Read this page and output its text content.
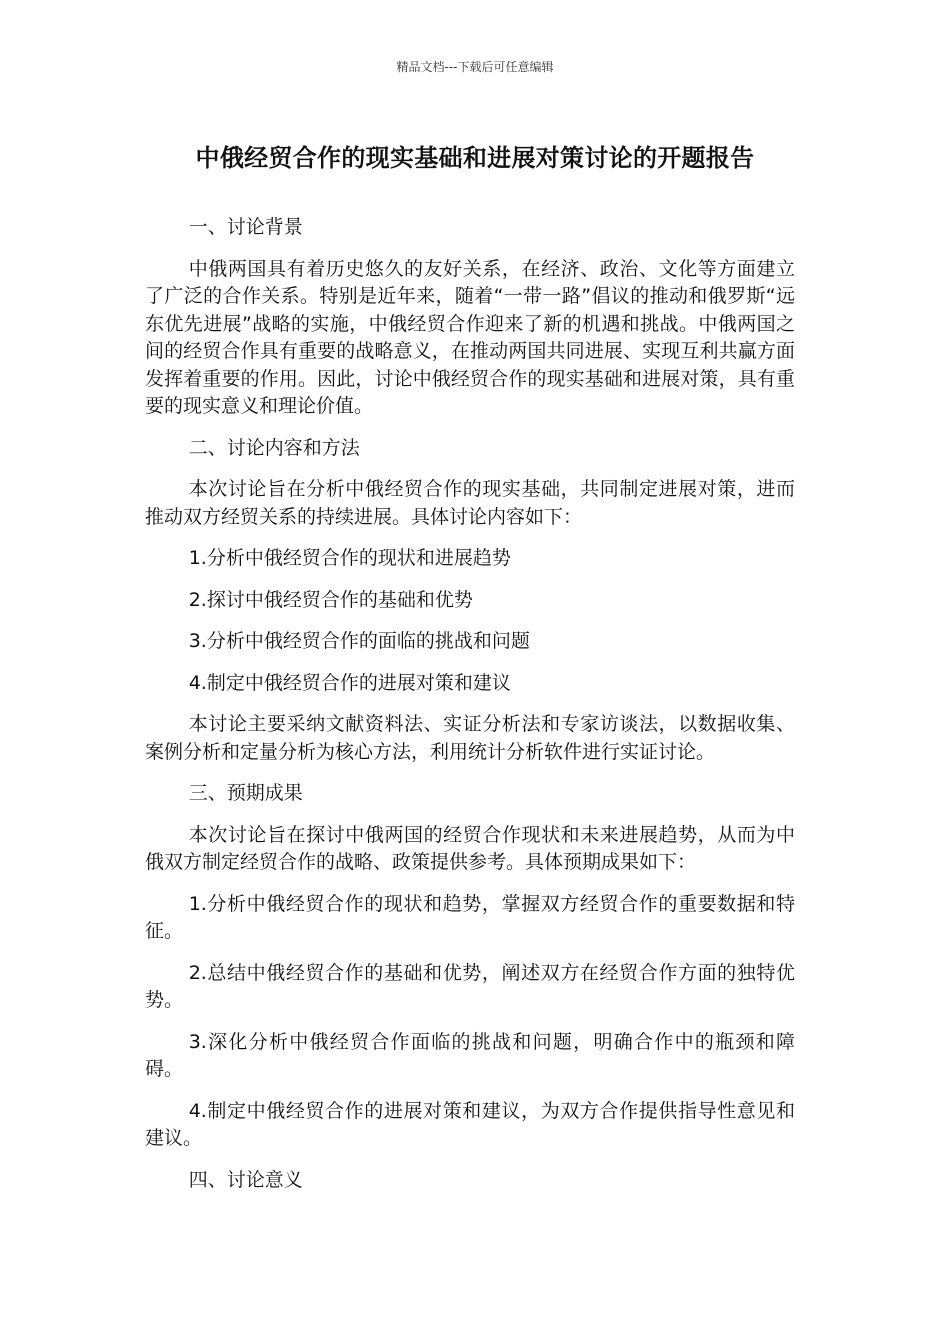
精品文档---下载后可任意编辑
中俄经贸合作的现实基础和进展对策讨论的开题报告

一、讨论背景

中俄两国具有着历史悠久的友好关系，在经济、政治、文化等方面建立了广泛的合作关系。特别是近年来，随着“一带一路”倡议的推动和俄罗斯“远东优先进展”战略的实施，中俄经贸合作迎来了新的机遇和挑战。中俄两国之间的经贸合作具有重要的战略意义，在推动两国共同进展、实现互利共赢方面发挥着重要的作用。因此，讨论中俄经贸合作的现实基础和进展对策，具有重要的现实意义和理论价值。

二、讨论内容和方法

本次讨论旨在分析中俄经贸合作的现实基础，共同制定进展对策，进而推动双方经贸关系的持续进展。具体讨论内容如下：

1.分析中俄经贸合作的现状和进展趋势

2.探讨中俄经贸合作的基础和优势

3.分析中俄经贸合作的面临的挑战和问题

4.制定中俄经贸合作的进展对策和建议

本讨论主要采纳文献资料法、实证分析法和专家访谈法，以数据收集、案例分析和定量分析为核心方法，利用统计分析软件进行实证讨论。

三、预期成果

本次讨论旨在探讨中俄两国的经贸合作现状和未来进展趋势，从而为中俄双方制定经贸合作的战略、政策提供参考。具体预期成果如下：

1.分析中俄经贸合作的现状和趋势，掌握双方经贸合作的重要数据和特征。

2.总结中俄经贸合作的基础和优势，阐述双方在经贸合作方面的独特优势。

3.深化分析中俄经贸合作面临的挑战和问题，明确合作中的瓶颈和障碍。

4.制定中俄经贸合作的进展对策和建议，为双方合作提供指导性意见和建议。

四、讨论意义
